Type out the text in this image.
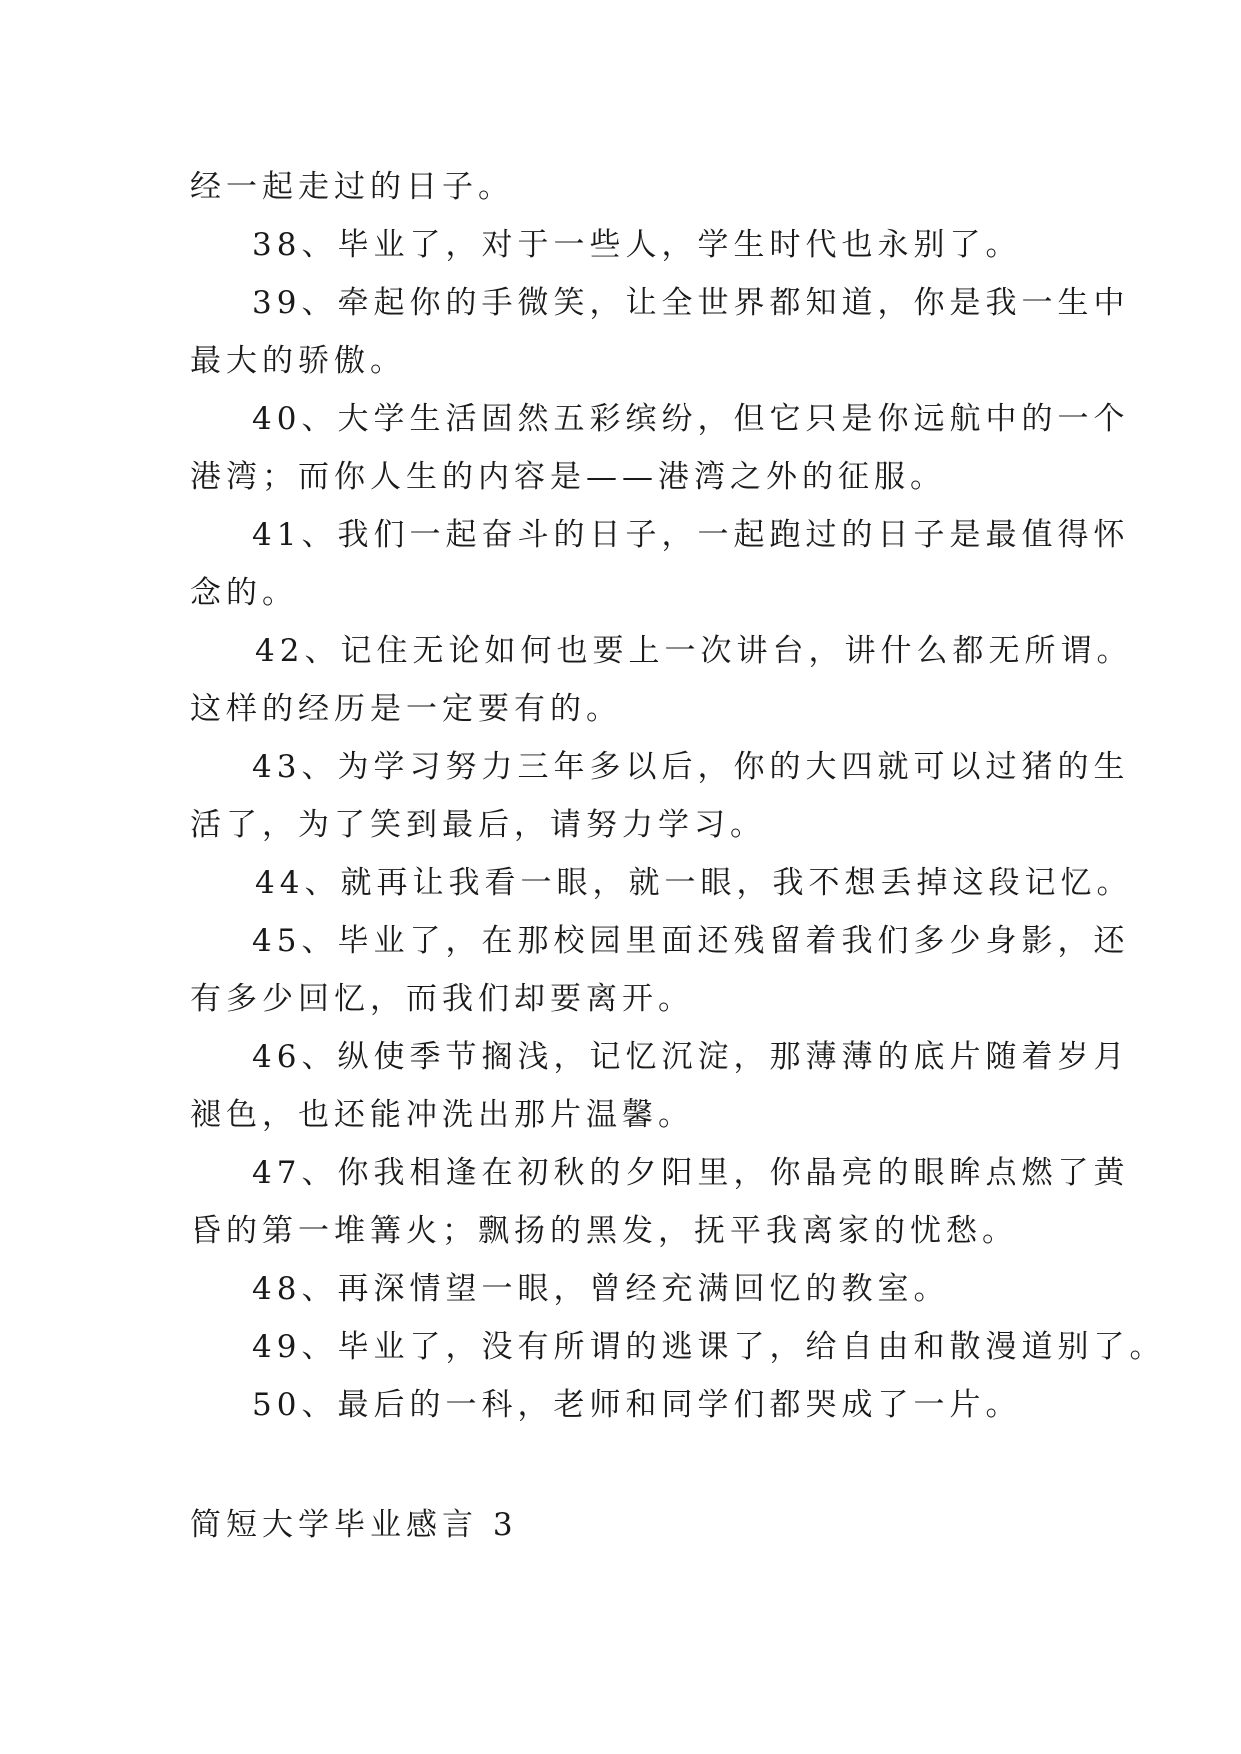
经一起走过的日子。
38、毕业了，对于一些人，学生时代也永别了。
39、牵起你的手微笑，让全世界都知道，你是我一生中
最大的骄傲。
40、大学生活固然五彩缤纷，但它只是你远航中的一个
港湾；而你人生的内容是——港湾之外的征服。
41、我们一起奋斗的日子，一起跑过的日子是最值得怀
念的。
42、记住无论如何也要上一次讲台，讲什么都无所谓。
这样的经历是一定要有的。
43、为学习努力三年多以后，你的大四就可以过猪的生
活了，为了笑到最后，请努力学习。
44、就再让我看一眼，就一眼，我不想丢掉这段记忆。
45、毕业了，在那校园里面还残留着我们多少身影，还
有多少回忆，而我们却要离开。
46、纵使季节搁浅，记忆沉淀，那薄薄的底片随着岁月
褪色，也还能冲洗出那片温馨。
47、你我相逢在初秋的夕阳里，你晶亮的眼眸点燃了黄
昏的第一堆篝火；飘扬的黑发，抚平我离家的忧愁。
48、再深情望一眼，曾经充满回忆的教室。
49、毕业了，没有所谓的逃课了，给自由和散漫道别了。
50、最后的一科，老师和同学们都哭成了一片。
简短大学毕业感言 3
